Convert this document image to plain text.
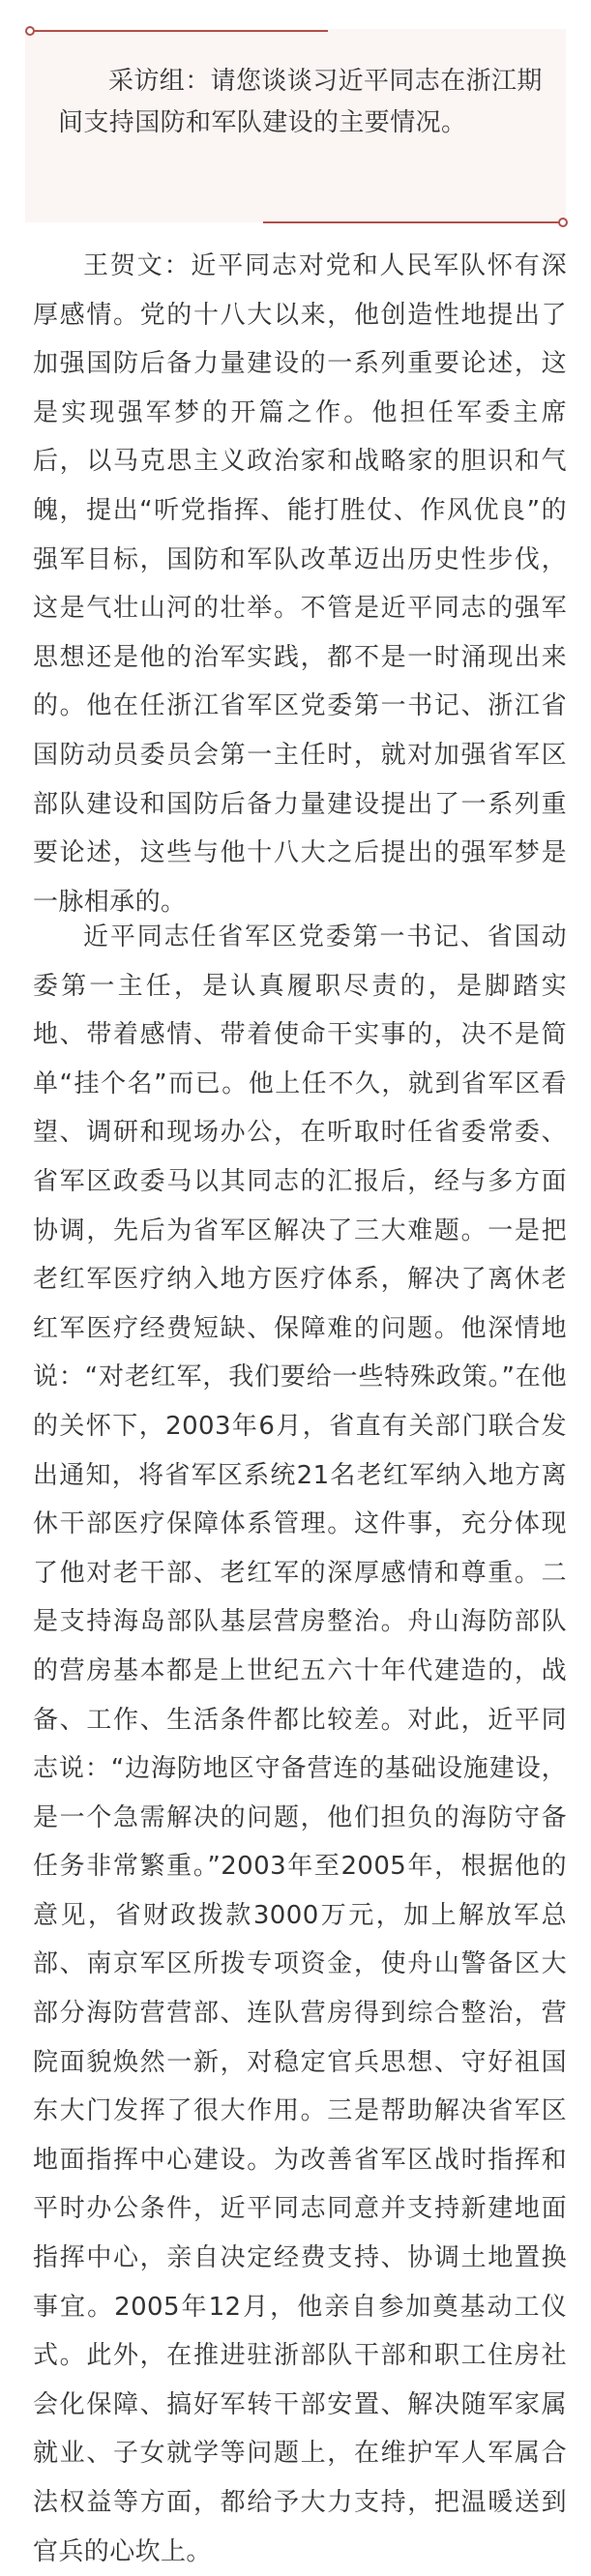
采访组：请您谈谈习近平同志在浙江期间支持国防和军队建设的主要情况。

王贺文：近平同志对党和人民军队怀有深厚感情。党的十八大以来，他创造性地提出了加强国防后备力量建设的一系列重要论述，这是实现强军梦的开篇之作。他担任军委主席后，以马克思主义政治家和战略家的胆识和气魄，提出“听党指挥、能打胜仗、作风优良”的强军目标，国防和军队改革迈出历史性步伐，这是气壮山河的壮举。不管是近平同志的强军思想还是他的治军实践，都不是一时涌现出来的。他在任浙江省军区党委第一书记、浙江省国防动员委员会第一主任时，就对加强省军区部队建设和国防后备力量建设提出了一系列重要论述，这些与他十八大之后提出的强军梦是一脉相承的。

近平同志任省军区党委第一书记、省国动委第一主任，是认真履职尽责的，是脚踏实地、带着感情、带着使命干实事的，决不是简单“挂个名”而已。他上任不久，就到省军区看望、调研和现场办公，在听取时任省委常委、省军区政委马以其同志的汇报后，经与多方面协调，先后为省军区解决了三大难题。一是把老红军医疗纳入地方医疗体系，解决了离休老红军医疗经费短缺、保障难的问题。他深情地说：“对老红军，我们要给一些特殊政策。”在他的关怀下，2003年6月，省直有关部门联合发出通知，将省军区系统21名老红军纳入地方离休干部医疗保障体系管理。这件事，充分体现了他对老干部、老红军的深厚感情和尊重。二是支持海岛部队基层营房整治。舟山海防部队的营房基本都是上世纪五六十年代建造的，战备、工作、生活条件都比较差。对此，近平同志说：“边海防地区守备营连的基础设施建设，是一个急需解决的问题，他们担负的海防守备任务非常繁重。”2003年至2005年，根据他的意见，省财政拨款3000万元，加上解放军总部、南京军区所拨专项资金，使舟山警备区大部分海防营营部、连队营房得到综合整治，营院面貌焕然一新，对稳定官兵思想、守好祖国东大门发挥了很大作用。三是帮助解决省军区地面指挥中心建设。为改善省军区战时指挥和平时办公条件，近平同志同意并支持新建地面指挥中心，亲自决定经费支持、协调土地置换事宜。2005年12月，他亲自参加奠基动工仪式。此外，在推进驻浙部队干部和职工住房社会化保障、搞好军转干部安置、解决随军家属就业、子女就学等问题上，在维护军人军属合法权益等方面，都给予大力支持，把温暖送到官兵的心坎上。
